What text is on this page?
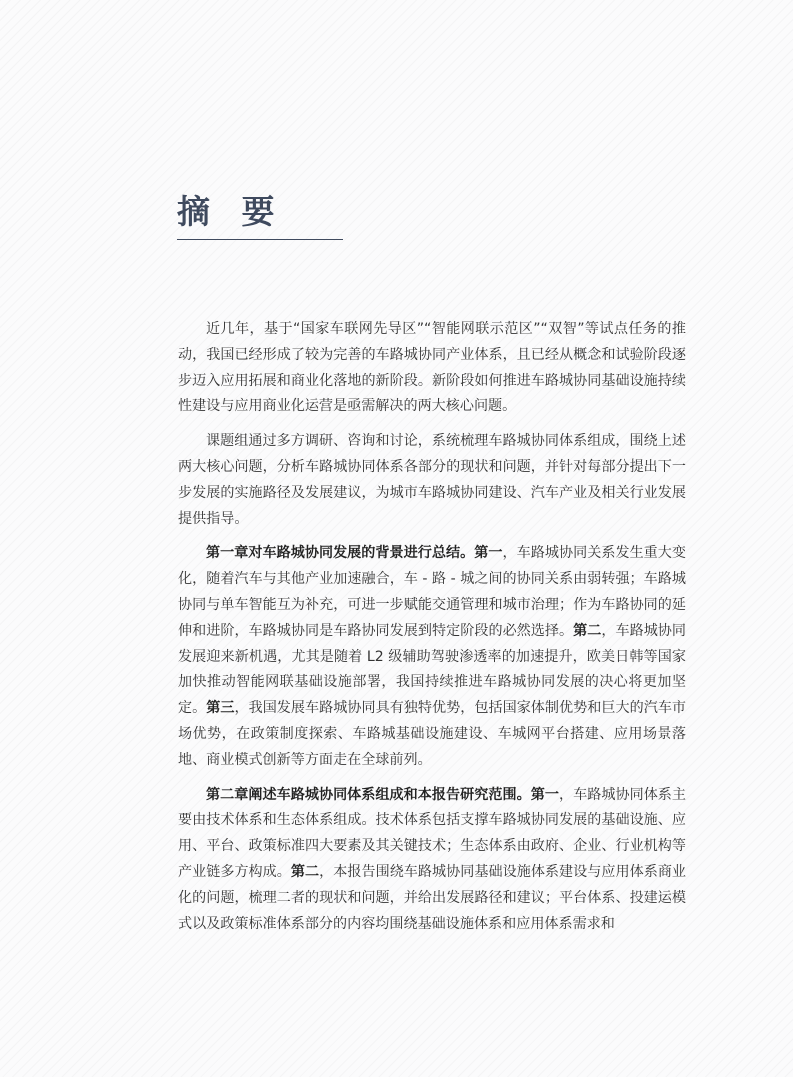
摘 要

近几年，基于“国家车联网先导区”“智能网联示范区”“双智”等试点任务的推动，我国已经形成了较为完善的车路城协同产业体系，且已经从概念和试验阶段逐步迈入应用拓展和商业化落地的新阶段。新阶段如何推进车路城协同基础设施持续性建设与应用商业化运营是亟需解决的两大核心问题。

课题组通过多方调研、咨询和讨论，系统梳理车路城协同体系组成，围绕上述两大核心问题，分析车路城协同体系各部分的现状和问题，并针对每部分提出下一步发展的实施路径及发展建议，为城市车路城协同建设、汽车产业及相关行业发展提供指导。

第一章对车路城协同发展的背景进行总结。第一，车路城协同关系发生重大变化，随着汽车与其他产业加速融合，车 - 路 - 城之间的协同关系由弱转强；车路城协同与单车智能互为补充，可进一步赋能交通管理和城市治理；作为车路协同的延伸和进阶，车路城协同是车路协同发展到特定阶段的必然选择。第二，车路城协同发展迎来新机遇，尤其是随着 L2 级辅助驾驶渗透率的加速提升，欧美日韩等国家加快推动智能网联基础设施部署，我国持续推进车路城协同发展的决心将更加坚定。第三，我国发展车路城协同具有独特优势，包括国家体制优势和巨大的汽车市场优势，在政策制度探索、车路城基础设施建设、车城网平台搭建、应用场景落地、商业模式创新等方面走在全球前列。

第二章阐述车路城协同体系组成和本报告研究范围。第一，车路城协同体系主要由技术体系和生态体系组成。技术体系包括支撑车路城协同发展的基础设施、应用、平台、政策标准四大要素及其关键技术；生态体系由政府、企业、行业机构等产业链多方构成。第二，本报告围绕车路城协同基础设施体系建设与应用体系商业化的问题，梳理二者的现状和问题，并给出发展路径和建议；平台体系、投建运模式以及政策标准体系部分的内容均围绕基础设施体系和应用体系需求和
